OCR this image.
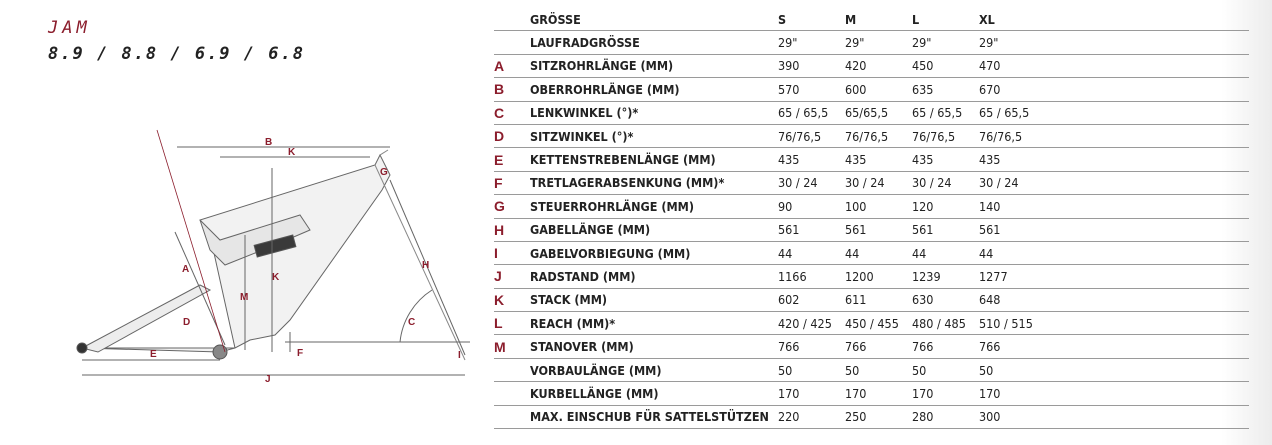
JAM
8.9 / 8.8 / 6.9 / 6.8
B
K
G
A
K
H
M
D	C
E	F	I
J
	GRÖSSE	S	M	L	XL	
	LAUFRADGRÖSSE	29"	29"	29"	29"	
A	SITZROHRLÄNGE (MM)	390	420	450	470	
B	OBERROHRLÄNGE (MM)	570	600	635	670	
C	LENKWINKEL (°)*	65 / 65,5	65/65,5	65 / 65,5	65 / 65,5	
D	SITZWINKEL (°)*	76/76,5	76/76,5	76/76,5	76/76,5	
E	KETTENSTREBENLÄNGE (MM)	435	435	435	435	
F	TRETLAGERABSENKUNG (MM)*	30 / 24	30 / 24	30 / 24	30 / 24	
G	STEUERROHRLÄNGE (MM)	90	100	120	140	
H	GABELLÄNGE (MM)	561	561	561	561	
I	GABELVORBIEGUNG (MM)	44	44	44	44	
J	RADSTAND (MM)	1166	1200	1239	1277	
K	STACK (MM)	602	611	630	648	
L	REACH (MM)*	420 / 425	450 / 455	480 / 485	510 / 515	
M	STANOVER (MM)	766	766	766	766	
	VORBAULÄNGE (MM)	50	50	50	50	
	KURBELLÄNGE (MM)	170	170	170	170	
	MAX. EINSCHUB FÜR SATTELSTÜTZEN	220	250	280	300	
